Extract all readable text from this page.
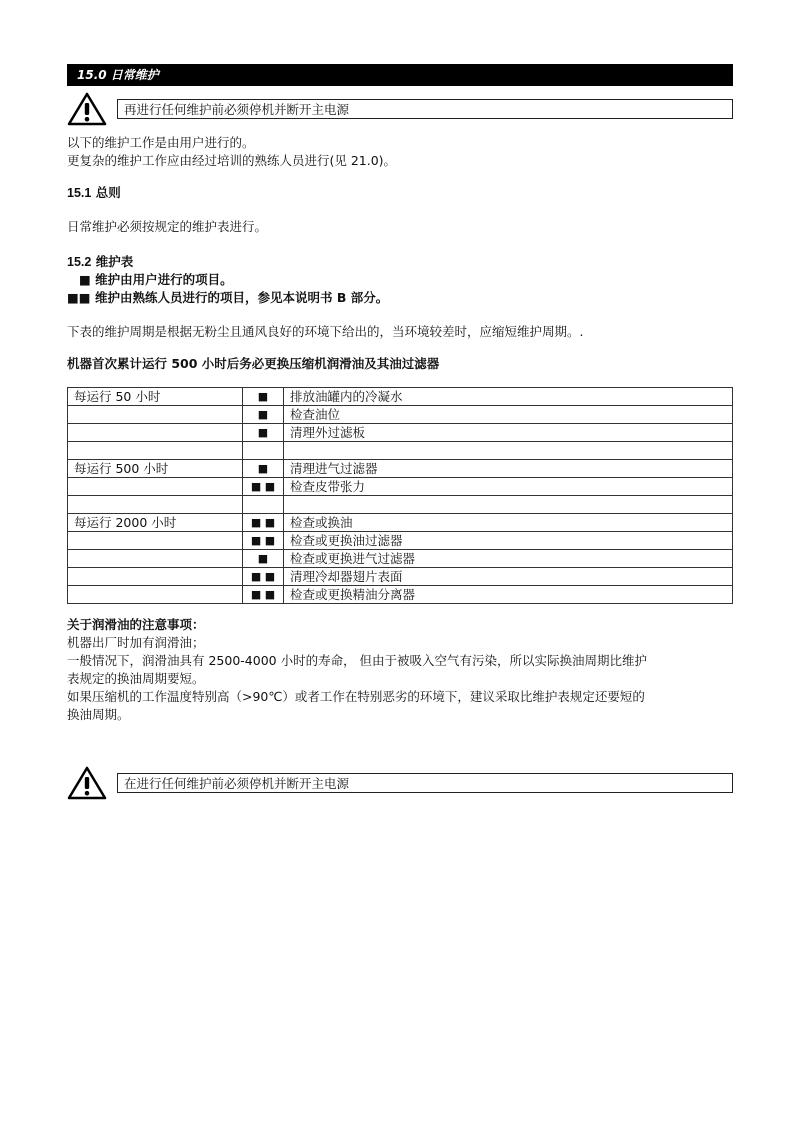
15.0 日常维护
再进行任何维护前必须停机并断开主电源

以下的维护工作是由用户进行的。

更复杂的维护工作应由经过培训的熟练人员进行(见 21.0)。

15.1 总则

日常维护必须按规定的维护表进行。

15.2 维护表

■ 维护由用户进行的项目。

■■ 维护由熟练人员进行的项目，参见本说明书 B 部分。

下表的维护周期是根据无粉尘且通风良好的环境下给出的，当环境较差时，应缩短维护周期。.

机器首次累计运行 500 小时后务必更换压缩机润滑油及其油过滤器

每运行 50 小时	■	排放油罐内的冷凝水
	■	检查油位
	■	清理外过滤板

每运行 500 小时	■	清理进气过滤器
	■ ■	检查皮带张力

每运行 2000 小时	■ ■	检查或换油
	■ ■	检查或更换油过滤器
	■	检查或更换进气过滤器
	■ ■	清理冷却器翅片表面
	■ ■	检查或更换精油分离器

关于润滑油的注意事项：

机器出厂时加有润滑油；

一般情况下，润滑油具有 2500-4000 小时的寿命， 但由于被吸入空气有污染，所以实际换油周期比维护

表规定的换油周期要短。

如果压缩机的工作温度特别高（>90℃）或者工作在特别恶劣的环境下，建议采取比维护表规定还要短的

换油周期。

在进行任何维护前必须停机并断开主电源
